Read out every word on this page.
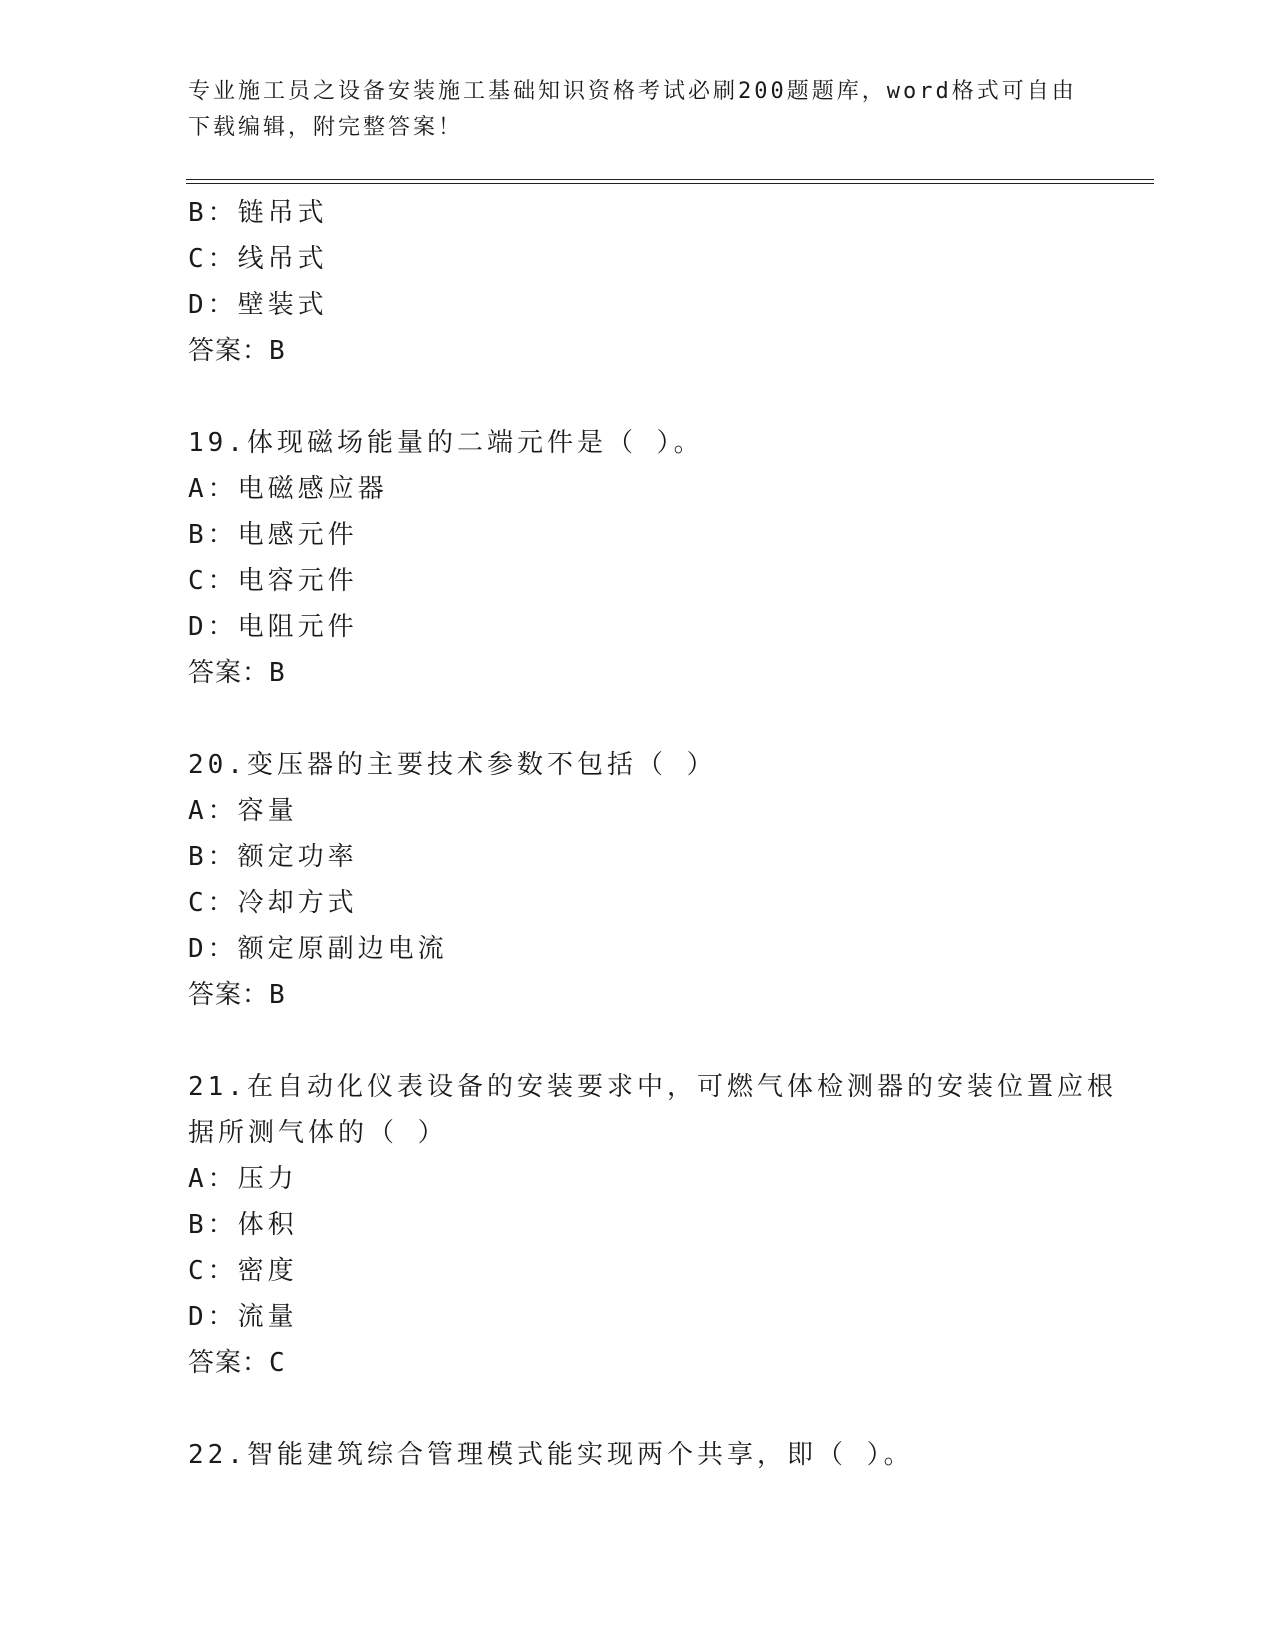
专业施工员之设备安装施工基础知识资格考试必刷200题题库，word格式可自由
下载编辑，附完整答案！
B：链吊式
C：线吊式
D：壁装式
答案：B
19.体现磁场能量的二端元件是（ ）。
A：电磁感应器
B：电感元件
C：电容元件
D：电阻元件
答案：B
20.变压器的主要技术参数不包括（ ）
A：容量
B：额定功率
C：冷却方式
D：额定原副边电流
答案：B
21.在自动化仪表设备的安装要求中，可燃气体检测器的安装位置应根
据所测气体的（ ）
A：压力
B：体积
C：密度
D：流量
答案：C
22.智能建筑综合管理模式能实现两个共享，即（ ）。
